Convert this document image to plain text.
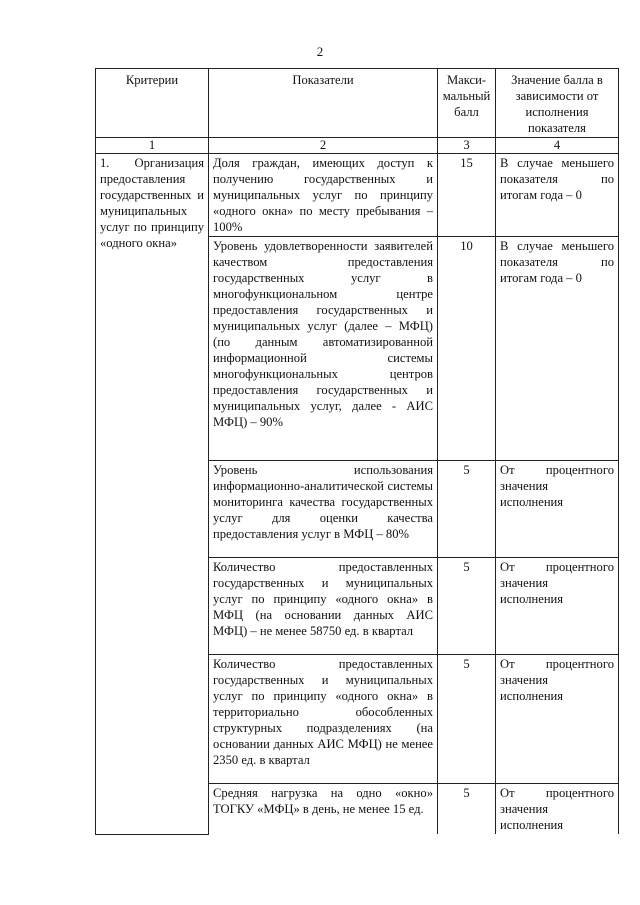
2
Критерии	Показатели	Макси-мальный балл	Значение балла в зависимости от исполнения показателя
1	2	3	4
1. Организация предоставления государственных и муниципальных услуг по принципу «одного окна»	Доля граждан, имеющих доступ к получению государственных и муниципальных услуг по принципу «одного окна» по месту пребывания – 100%	15	В случае меньшего показателя по итогам года – 0
	Уровень удовлетворенности заявителей качеством предоставления государственных услуг в многофункциональном центре предоставления государственных и муниципальных услуг (далее – МФЦ) (по данным автоматизированной информационной системы многофункциональных центров предоставления государственных и муниципальных услуг, далее - АИС МФЦ) – 90%	10	В случае меньшего показателя по итогам года – 0
	Уровень использования информационно-аналитической системы мониторинга качества государственных услуг для оценки качества предоставления услуг в МФЦ – 80%	5	От процентного значения исполнения
	Количество предоставленных государственных и муниципальных услуг по принципу «одного окна» в МФЦ (на основании данных АИС МФЦ) – не менее 58750 ед. в квартал	5	От процентного значения исполнения
	Количество предоставленных государственных и муниципальных услуг по принципу «одного окна» в территориально обособленных структурных подразделениях (на основании данных АИС МФЦ) не менее 2350 ед. в квартал	5	От процентного значения исполнения
	Средняя нагрузка на одно «окно» ТОГКУ «МФЦ» в день, не менее 15 ед.	5	От процентного значения исполнения
